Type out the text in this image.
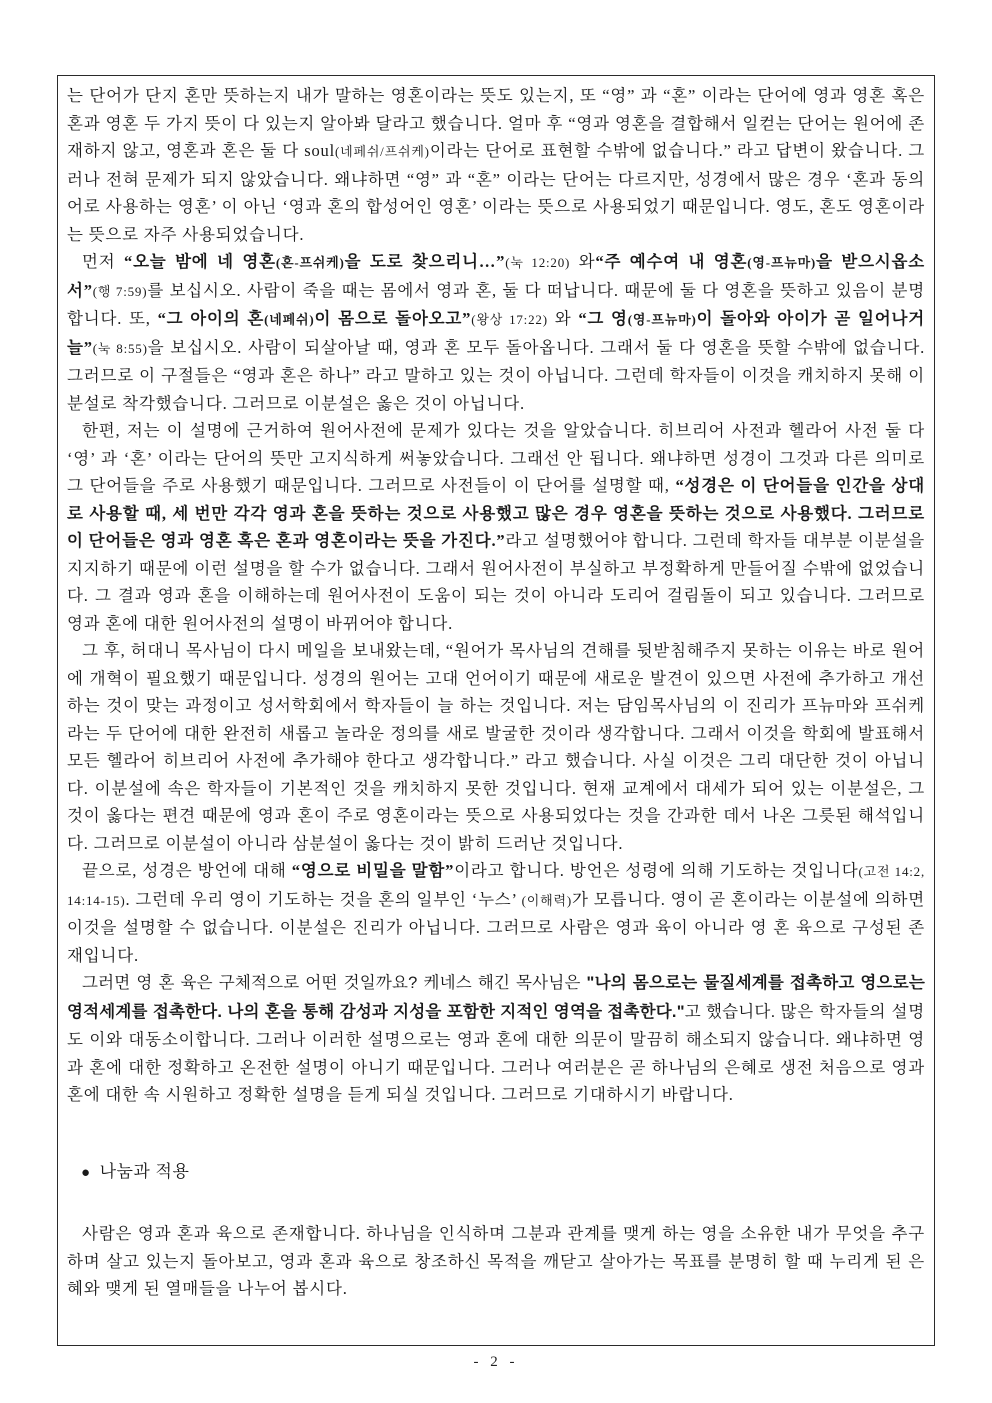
는 단어가 단지 혼만 뜻하는지 내가 말하는 영혼이라는 뜻도 있는지, 또 “영” 과 “혼” 이라는 단어에 영과 영혼 혹은 혼과 영혼 두 가지 뜻이 다 있는지 알아봐 달라고 했습니다. 얼마 후 “영과 영혼을 결합해서 일컫는 단어는 원어에 존재하지 않고, 영혼과 혼은 둘 다 soul(네페쉬/프쉬케)이라는 단어로 표현할 수밖에 없습니다.” 라고 답변이 왔습니다. 그러나 전혀 문제가 되지 않았습니다. 왜냐하면 “영” 과 “혼” 이라는 단어는 다르지만, 성경에서 많은 경우 ‘혼과 동의어로 사용하는 영혼’ 이 아닌 ‘영과 혼의 합성어인 영혼’ 이라는 뜻으로 사용되었기 때문입니다. 영도, 혼도 영혼이라는 뜻으로 자주 사용되었습니다.

먼저 “오늘 밤에 네 영혼(혼-프쉬케)을 도로 찾으리니…”(눅 12:20) 와“주 예수여 내 영혼(영-프뉴마)을 받으시옵소서”(행 7:59)를 보십시오. 사람이 죽을 때는 몸에서 영과 혼, 둘 다 떠납니다. 때문에 둘 다 영혼을 뜻하고 있음이 분명합니다. 또, “그 아이의 혼(네페쉬)이 몸으로 돌아오고”(왕상 17:22) 와 “그 영(영-프뉴마)이 돌아와 아이가 곧 일어나거늘”(눅 8:55)을 보십시오. 사람이 되살아날 때, 영과 혼 모두 돌아옵니다. 그래서 둘 다 영혼을 뜻할 수밖에 없습니다. 그러므로 이 구절들은 “영과 혼은 하나” 라고 말하고 있는 것이 아닙니다. 그런데 학자들이 이것을 캐치하지 못해 이분설로 착각했습니다. 그러므로 이분설은 옳은 것이 아닙니다.

한편, 저는 이 설명에 근거하여 원어사전에 문제가 있다는 것을 알았습니다. 히브리어 사전과 헬라어 사전 둘 다 ‘영’ 과 ‘혼’ 이라는 단어의 뜻만 고지식하게 써놓았습니다. 그래선 안 됩니다. 왜냐하면 성경이 그것과 다른 의미로 그 단어들을 주로 사용했기 때문입니다. 그러므로 사전들이 이 단어를 설명할 때, “성경은 이 단어들을 인간을 상대로 사용할 때, 세 번만 각각 영과 혼을 뜻하는 것으로 사용했고 많은 경우 영혼을 뜻하는 것으로 사용했다. 그러므로 이 단어들은 영과 영혼 혹은 혼과 영혼이라는 뜻을 가진다.”라고 설명했어야 합니다. 그런데 학자들 대부분 이분설을 지지하기 때문에 이런 설명을 할 수가 없습니다. 그래서 원어사전이 부실하고 부정확하게 만들어질 수밖에 없었습니다. 그 결과 영과 혼을 이해하는데 원어사전이 도움이 되는 것이 아니라 도리어 걸림돌이 되고 있습니다. 그러므로 영과 혼에 대한 원어사전의 설명이 바뀌어야 합니다.

그 후, 허대니 목사님이 다시 메일을 보내왔는데, “원어가 목사님의 견해를 뒷받침해주지 못하는 이유는 바로 원어에 개혁이 필요했기 때문입니다. 성경의 원어는 고대 언어이기 때문에 새로운 발견이 있으면 사전에 추가하고 개선하는 것이 맞는 과정이고 성서학회에서 학자들이 늘 하는 것입니다. 저는 담임목사님의 이 진리가 프뉴마와 프쉬케라는 두 단어에 대한 완전히 새롭고 놀라운 정의를 새로 발굴한 것이라 생각합니다. 그래서 이것을 학회에 발표해서 모든 헬라어 히브리어 사전에 추가해야 한다고 생각합니다.” 라고 했습니다. 사실 이것은 그리 대단한 것이 아닙니다. 이분설에 속은 학자들이 기본적인 것을 캐치하지 못한 것입니다. 현재 교계에서 대세가 되어 있는 이분설은, 그것이 옳다는 편견 때문에 영과 혼이 주로 영혼이라는 뜻으로 사용되었다는 것을 간과한 데서 나온 그릇된 해석입니다. 그러므로 이분설이 아니라 삼분설이 옳다는 것이 밝히 드러난 것입니다.

끝으로, 성경은 방언에 대해 “영으로 비밀을 말함”이라고 합니다. 방언은 성령에 의해 기도하는 것입니다(고전 14:2, 14:14-15). 그런데 우리 영이 기도하는 것을 혼의 일부인 ‘누스’ (이해력)가 모릅니다. 영이 곧 혼이라는 이분설에 의하면 이것을 설명할 수 없습니다. 이분설은 진리가 아닙니다. 그러므로 사람은 영과 육이 아니라 영 혼 육으로 구성된 존재입니다.

그러면 영 혼 육은 구체적으로 어떤 것일까요? 케네스 해긴 목사님은 "나의 몸으로는 물질세계를 접촉하고 영으로는 영적세계를 접촉한다. 나의 혼을 통해 감성과 지성을 포함한 지적인 영역을 접촉한다."고 했습니다. 많은 학자들의 설명도 이와 대동소이합니다. 그러나 이러한 설명으로는 영과 혼에 대한 의문이 말끔히 해소되지 않습니다. 왜냐하면 영과 혼에 대한 정확하고 온전한 설명이 아니기 때문입니다. 그러나 여러분은 곧 하나님의 은혜로 생전 처음으로 영과 혼에 대한 속 시원하고 정확한 설명을 듣게 되실 것입니다. 그러므로 기대하시기 바랍니다.

● 나눔과 적용

사람은 영과 혼과 육으로 존재합니다. 하나님을 인식하며 그분과 관계를 맺게 하는 영을 소유한 내가 무엇을 추구하며 살고 있는지 돌아보고, 영과 혼과 육으로 창조하신 목적을 깨닫고 살아가는 목표를 분명히 할 때 누리게 된 은혜와 맺게 된 열매들을 나누어 봅시다.

- 2 -
